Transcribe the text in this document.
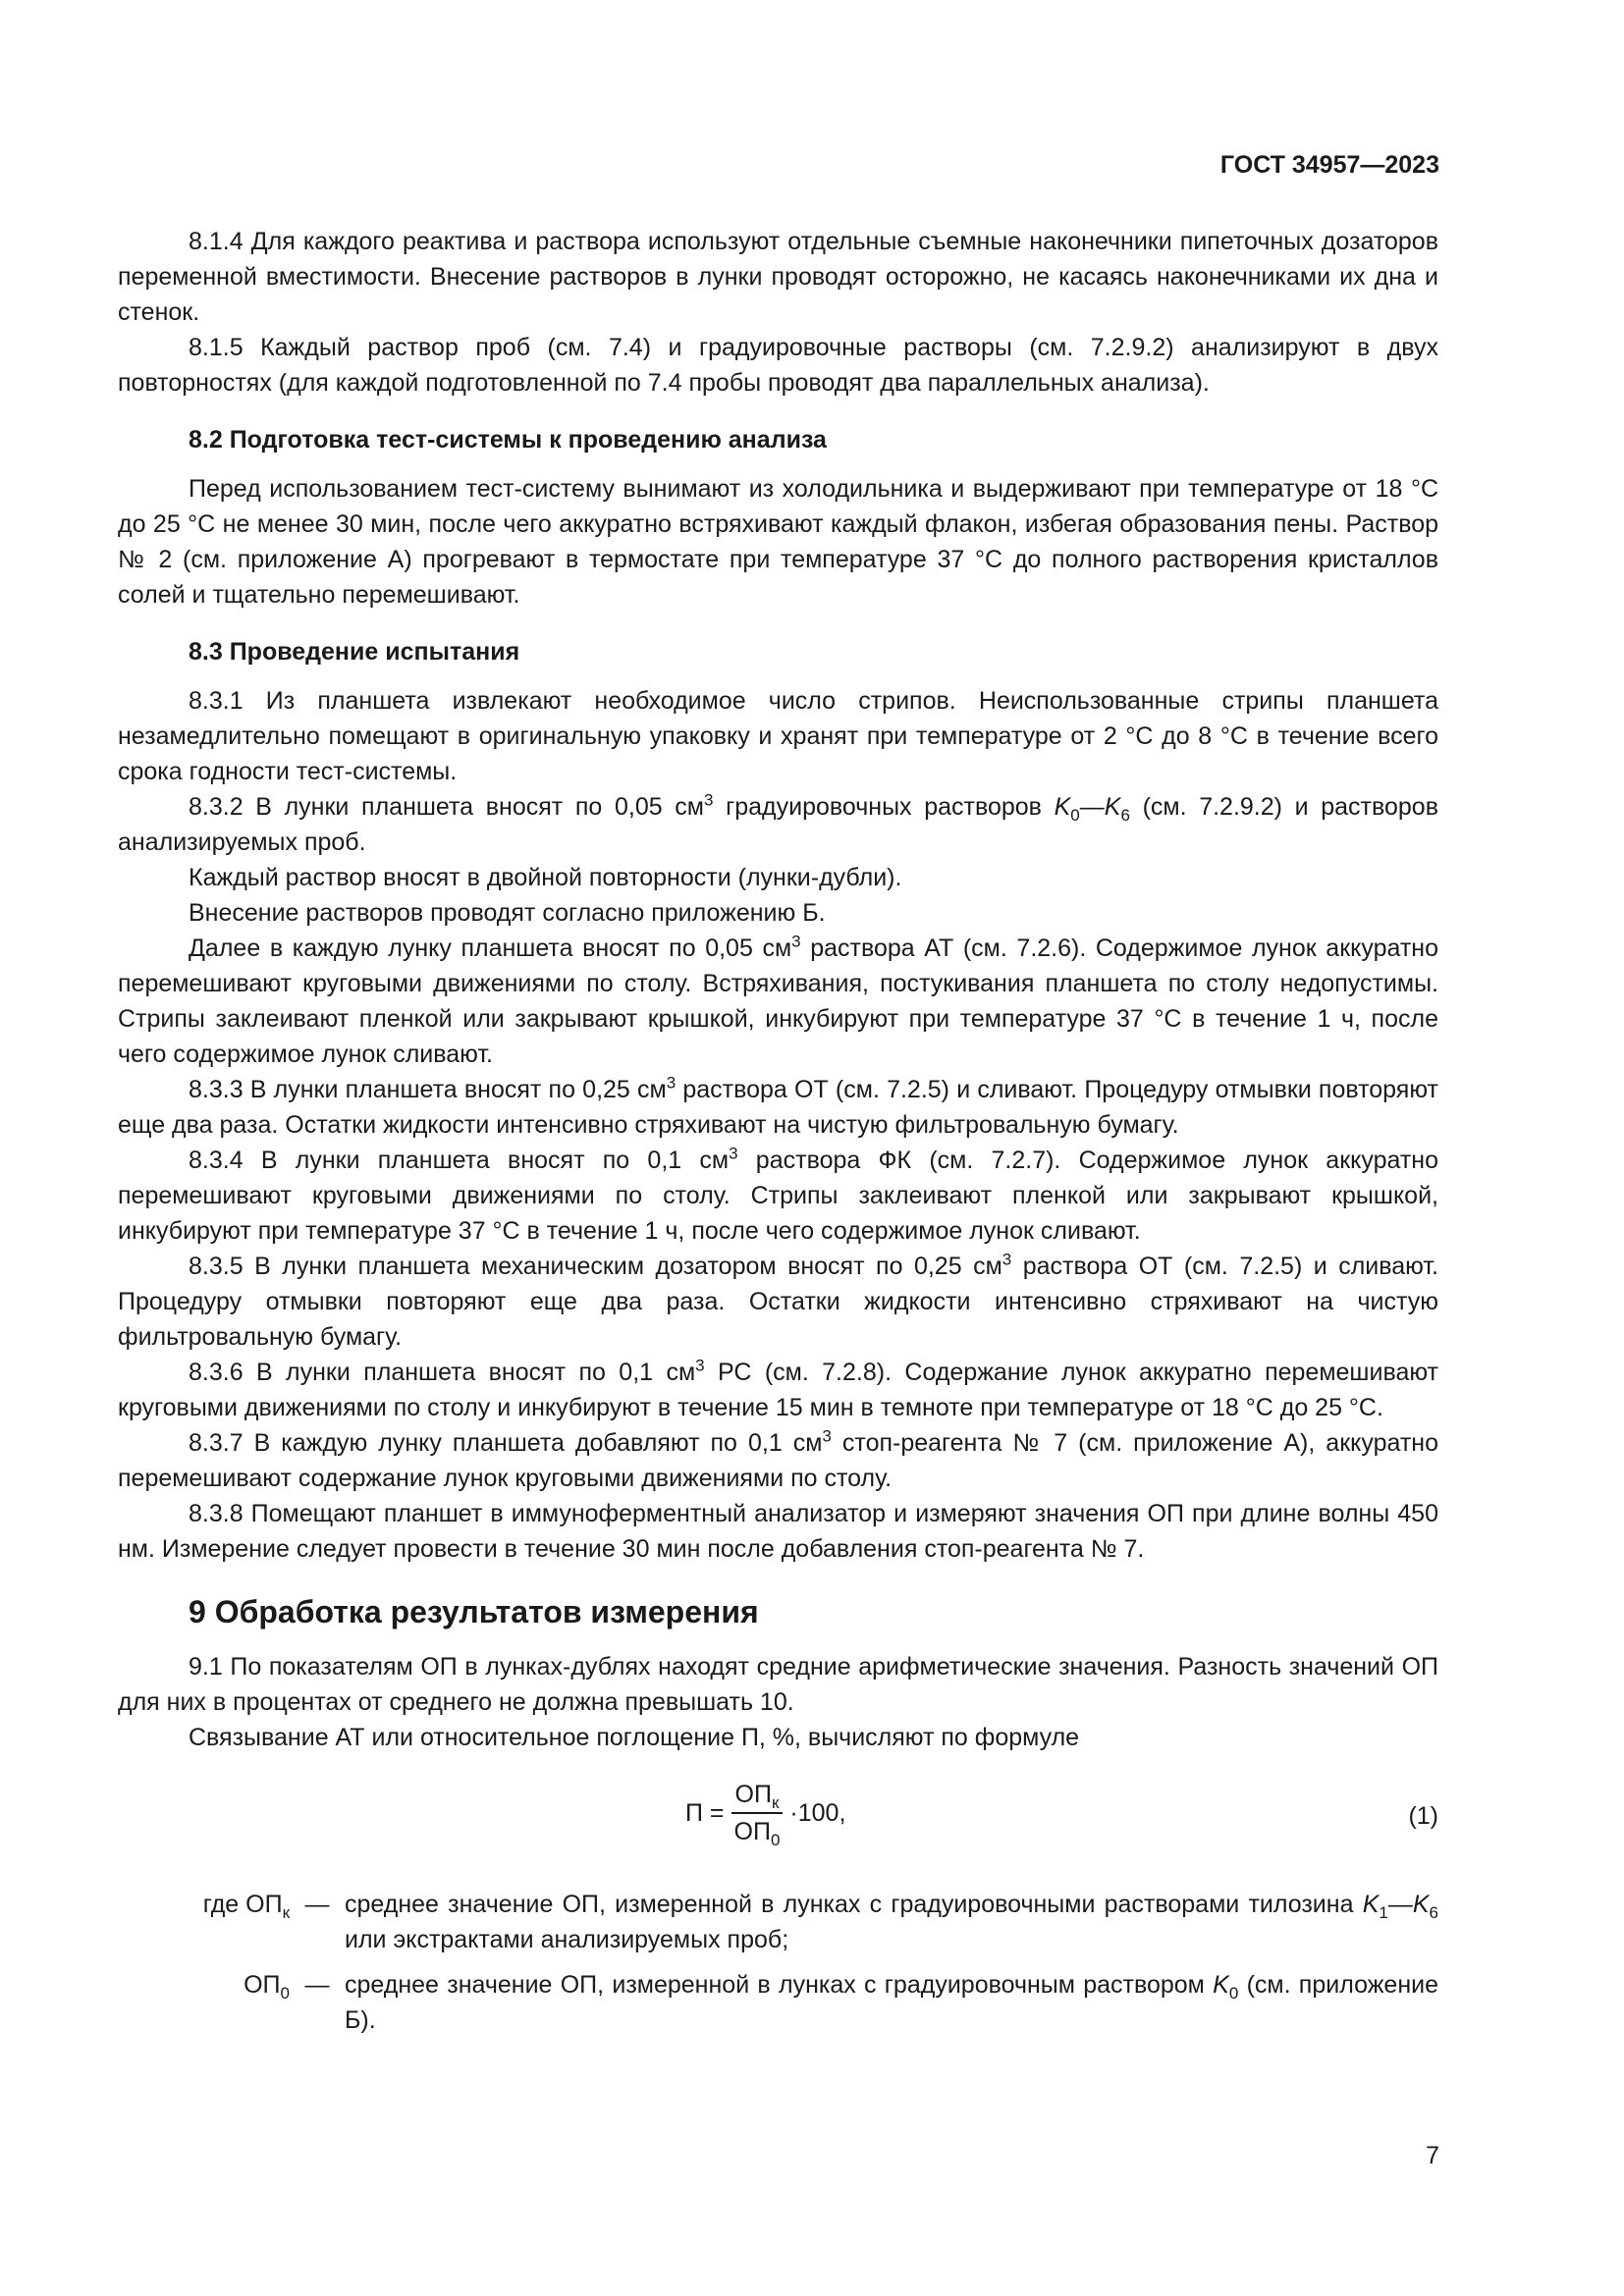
ГОСТ 34957—2023

8.1.4 Для каждого реактива и раствора используют отдельные съемные наконечники пипеточных дозаторов переменной вместимости. Внесение растворов в лунки проводят осторожно, не касаясь наконечниками их дна и стенок.

8.1.5 Каждый раствор проб (см. 7.4) и градуировочные растворы (см. 7.2.9.2) анализируют в двух повторностях (для каждой подготовленной по 7.4 пробы проводят два параллельных анализа).

8.2 Подготовка тест-системы к проведению анализа

Перед использованием тест-систему вынимают из холодильника и выдерживают при температуре от 18 °С до 25 °С не менее 30 мин, после чего аккуратно встряхивают каждый флакон, избегая образования пены. Раствор № 2 (см. приложение А) прогревают в термостате при температуре 37 °С до полного растворения кристаллов солей и тщательно перемешивают.

8.3 Проведение испытания

8.3.1 Из планшета извлекают необходимое число стрипов. Неиспользованные стрипы планшета незамедлительно помещают в оригинальную упаковку и хранят при температуре от 2 °С до 8 °С в течение всего срока годности тест-системы.

8.3.2 В лунки планшета вносят по 0,05 $см^3$ градуировочных растворов $K_0—K_6$ (см. 7.2.9.2) и растворов анализируемых проб.

Каждый раствор вносят в двойной повторности (лунки-дубли).

Внесение растворов проводят согласно приложению Б.

Далее в каждую лунку планшета вносят по 0,05 $см^3$ раствора АТ (см. 7.2.6). Содержимое лунок аккуратно перемешивают круговыми движениями по столу. Встряхивания, постукивания планшета по столу недопустимы. Стрипы заклеивают пленкой или закрывают крышкой, инкубируют при температуре 37 °С в течение 1 ч, после чего содержимое лунок сливают.

8.3.3 В лунки планшета вносят по 0,25 $см^3$ раствора ОТ (см. 7.2.5) и сливают. Процедуру отмывки повторяют еще два раза. Остатки жидкости интенсивно стряхивают на чистую фильтровальную бумагу.

8.3.4 В лунки планшета вносят по 0,1 $см^3$ раствора ФК (см. 7.2.7). Содержимое лунок аккуратно перемешивают круговыми движениями по столу. Стрипы заклеивают пленкой или закрывают крышкой, инкубируют при температуре 37 °С в течение 1 ч, после чего содержимое лунок сливают.

8.3.5 В лунки планшета механическим дозатором вносят по 0,25 $см^3$ раствора ОТ (см. 7.2.5) и сливают. Процедуру отмывки повторяют еще два раза. Остатки жидкости интенсивно стряхивают на чистую фильтровальную бумагу.

8.3.6 В лунки планшета вносят по 0,1 $см^3$ РС (см. 7.2.8). Содержание лунок аккуратно перемешивают круговыми движениями по столу и инкубируют в течение 15 мин в темноте при температуре от 18 °С до 25 °С.

8.3.7 В каждую лунку планшета добавляют по 0,1 $см^3$ стоп-реагента № 7 (см. приложение А), аккуратно перемешивают содержание лунок круговыми движениями по столу.

8.3.8 Помещают планшет в иммуноферментный анализатор и измеряют значения ОП при длине волны 450 нм. Измерение следует провести в течение 30 мин после добавления стоп-реагента № 7.

9 Обработка результатов измерения

9.1 По показателям ОП в лунках-дублях находят средние арифметические значения. Разность значений ОП для них в процентах от среднего не должна превышать 10.

Связывание АТ или относительное поглощение П, %, вычисляют по формуле

$П = \frac{ОП_к}{ОП_0} \cdot 100$,	(1)
где $ОП_к$ — среднее значение ОП, измеренной в лунках с градуировочными растворами тилозина $K_1—K_6$ или экстрактами анализируемых проб;
$ОП_0$ — среднее значение ОП, измеренной в лунках с градуировочным раствором $K_0$ (см. приложение Б).
7
